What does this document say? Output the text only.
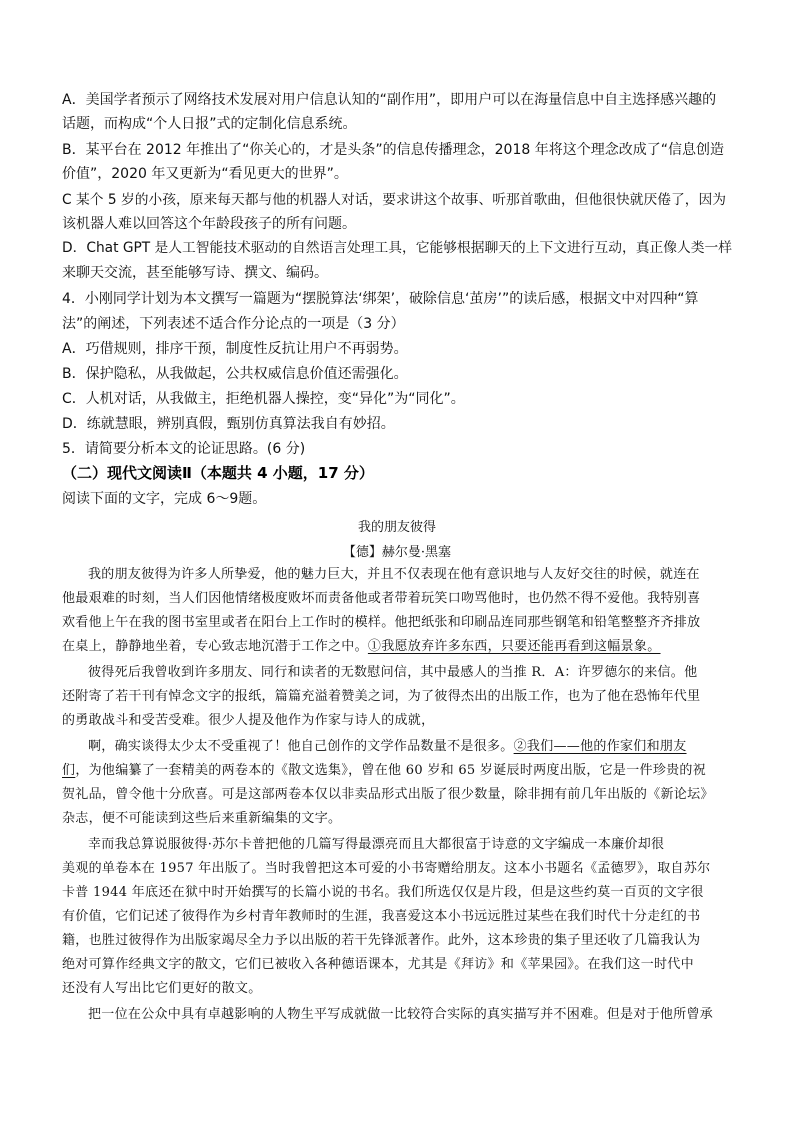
A．美国学者预示了网络技术发展对用户信息认知的“副作用”，即用户可以在海量信息中自主选择感兴趣的
话题，而构成“个人日报”式的定制化信息系统。
B．某平台在 2012 年推出了“你关心的，才是头条”的信息传播理念，2018 年将这个理念改成了“信息创造
价值”，2020 年又更新为“看见更大的世界”。
C 某个 5 岁的小孩，原来每天都与他的机器人对话，要求讲这个故事、听那首歌曲，但他很快就厌倦了，因为
该机器人难以回答这个年龄段孩子的所有问题。
D．Chat GPT 是人工智能技术驱动的自然语言处理工具，它能够根据聊天的上下文进行互动，真正像人类一样
来聊天交流，甚至能够写诗、撰文、编码。
4．小刚同学计划为本文撰写一篇题为“摆脱算法‘绑架’，破除信息‘茧房’”的读后感，根据文中对四种“算
法”的阐述，下列表述不适合作分论点的一项是（3 分）
A．巧借规则，排序干预，制度性反抗让用户不再弱势。
B．保护隐私，从我做起，公共权威信息价值还需强化。
C．人机对话，从我做主，拒绝机器人操控，变“异化”为“同化”。
D．练就慧眼，辨别真假，甄别仿真算法我自有妙招。
5．请简要分析本文的论证思路。(6 分)
（二）现代文阅读Ⅱ（本题共 4 小题，17 分）
阅读下面的文字，完成 6～9题。
我的朋友彼得
【德】赫尔曼·黑塞
我的朋友彼得为许多人所挚爱，他的魅力巨大，并且不仅表现在他有意识地与人友好交往的时候，就连在
他最艰难的时刻，当人们因他情绪极度败坏而责备他或者带着玩笑口吻骂他时，也仍然不得不爱他。我特别喜
欢看他上午在我的图书室里或者在阳台上工作时的模样。他把纸张和印刷品连同那些钢笔和铅笔整整齐齐排放
在桌上，静静地坐着，专心致志地沉潜于工作之中。①我愿放弃许多东西，只要还能再看到这幅景象。
彼得死后我曾收到许多朋友、同行和读者的无数慰问信，其中最感人的当推 R．A：许罗德尔的来信。他
还附寄了若干刊有悼念文字的报纸，篇篇充溢着赞美之词，为了彼得杰出的出版工作，也为了他在恐怖年代里
的勇敢战斗和受苦受难。很少人提及他作为作家与诗人的成就，
啊，确实谈得太少太不受重视了！他自己创作的文学作品数量不是很多。②我们——他的作家们和朋友
们，为他编纂了一套精美的两卷本的《散文选集》，曾在他 60 岁和 65 岁诞辰时两度出版，它是一件珍贵的祝
贺礼品，曾令他十分欣喜。可是这部两卷本仅以非卖品形式出版了很少数量，除非拥有前几年出版的《新论坛》
杂志，便不可能读到这些后来重新编集的文字。
幸而我总算说服彼得·苏尔卡普把他的几篇写得最漂亮而且大都很富于诗意的文字编成一本廉价却很
美观的单卷本在 1957 年出版了。当时我曾把这本可爱的小书寄赠给朋友。这本小书题名《孟德罗》，取自苏尔
卡普 1944 年底还在狱中时开始撰写的长篇小说的书名。我们所选仅仅是片段，但是这些约莫一百页的文字很
有价值，它们记述了彼得作为乡村青年教师时的生涯，我喜爱这本小书远远胜过某些在我们时代十分走红的书
籍，也胜过彼得作为出版家竭尽全力予以出版的若干先锋派著作。此外，这本珍贵的集子里还收了几篇我认为
绝对可算作经典文字的散文，它们已被收入各种德语课本，尤其是《拜访》和《苹果园》。在我们这一时代中
还没有人写出比它们更好的散文。
把一位在公众中具有卓越影响的人物生平写成就做一比较符合实际的真实描写并不困难。但是对于他所曾承
